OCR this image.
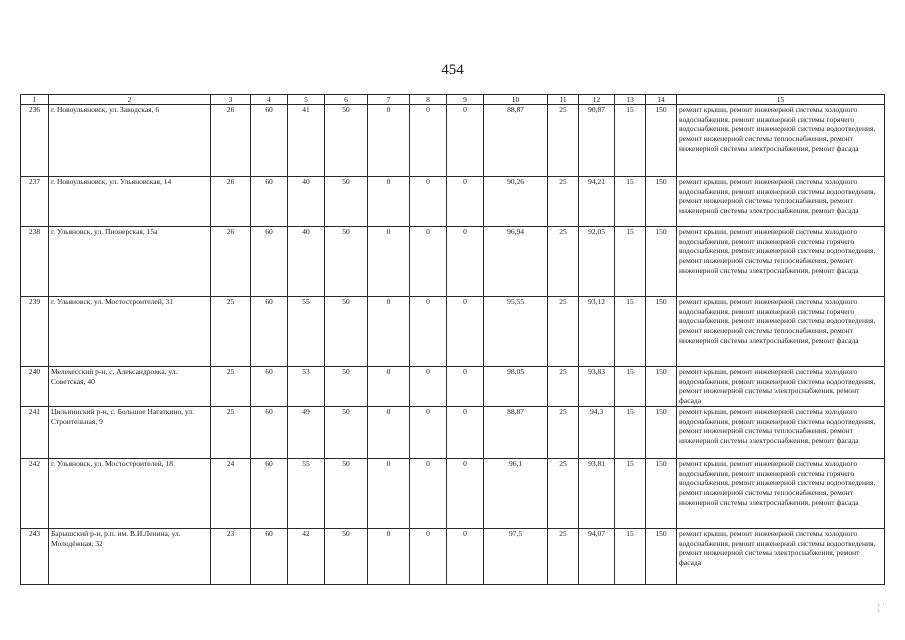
454
1	2	3	4	5	6	7	8	9	10	11	12	13	14	15
236	г. Новоульяновск, ул. Заводская, 6	26	60	41	50	0	0	0	88,87	25	90,87	15	150	ремонт крыши, ремонт инженерной системы холодного водоснабжения, ремонт инженерной системы горячего водоснабжения, ремонт инженерной системы водоотведения, ремонт инженерной системы теплоснабжения, ремонт инженерной системы электроснабжения, ремонт фасада
237	г. Новоульяновск, ул. Ульяновская, 14	26	60	40	50	0	0	0	90,26	25	94,21	15	150	ремонт крыши, ремонт инженерной системы холодного водоснабжения, ремонт инженерной системы водоотведения, ремонт инженерной системы теплоснабжения, ремонт инженерной системы электроснабжения, ремонт фасада
238	г. Ульяновск, ул. Пионерская, 15а	26	60	40	50	0	0	0	96,94	25	92,05	15	150	ремонт крыши, ремонт инженерной системы холодного водоснабжения, ремонт инженерной системы горячего водоснабжения, ремонт инженерной системы водоотведения, ремонт инженерной системы теплоснабжения, ремонт инженерной системы электроснабжения, ремонт фасада
239	г. Ульяновск, ул. Мостостроителей, 31	25	60	55	50	0	0	0	95,55	25	93,12	15	150	ремонт крыши, ремонт инженерной системы холодного водоснабжения, ремонт инженерной системы горячего водоснабжения, ремонт инженерной системы водоотведения, ремонт инженерной системы теплоснабжения, ремонт инженерной системы электроснабжения, ремонт фасада
240	Мелекесский р-н, с. Александровка, ул. Советская, 40	25	60	53	50	0	0	0	98,05	25	93,83	15	150	ремонт крыши, ремонт инженерной системы холодного водоснабжения, ремонт инженерной системы водоотведения, ремонт инженерной системы электроснабжения, ремонт фасада
241	Цильнинский р-н, с. Большое Нагаткино, ул. Строительная, 9	25	60	49	50	0	0	0	88,87	25	94,3	15	150	ремонт крыши, ремонт инженерной системы холодного водоснабжения, ремонт инженерной системы водоотведения, ремонт инженерной системы теплоснабжения, ремонт инженерной системы электроснабжения, ремонт фасада
242	г. Ульяновск, ул. Мостостроителей, 18	24	60	55	50	0	0	0	96,1	25	93,81	15	150	ремонт крыши, ремонт инженерной системы холодного водоснабжения, ремонт инженерной системы горячего водоснабжения, ремонт инженерной системы водоотведения, ремонт инженерной системы теплоснабжения, ремонт инженерной системы электроснабжения, ремонт фасада
243	Барышский р-н, р.п. им. В.И.Ленина, ул. Молодёжная, 32	23	60	42	50	0	0	0	97,5	25	94,07	15	150	ремонт крыши, ремонт инженерной системы холодного водоснабжения, ремонт инженерной системы водоотведения, ремонт инженерной системы электроснабжения, ремонт фасада
¦ ˈ
